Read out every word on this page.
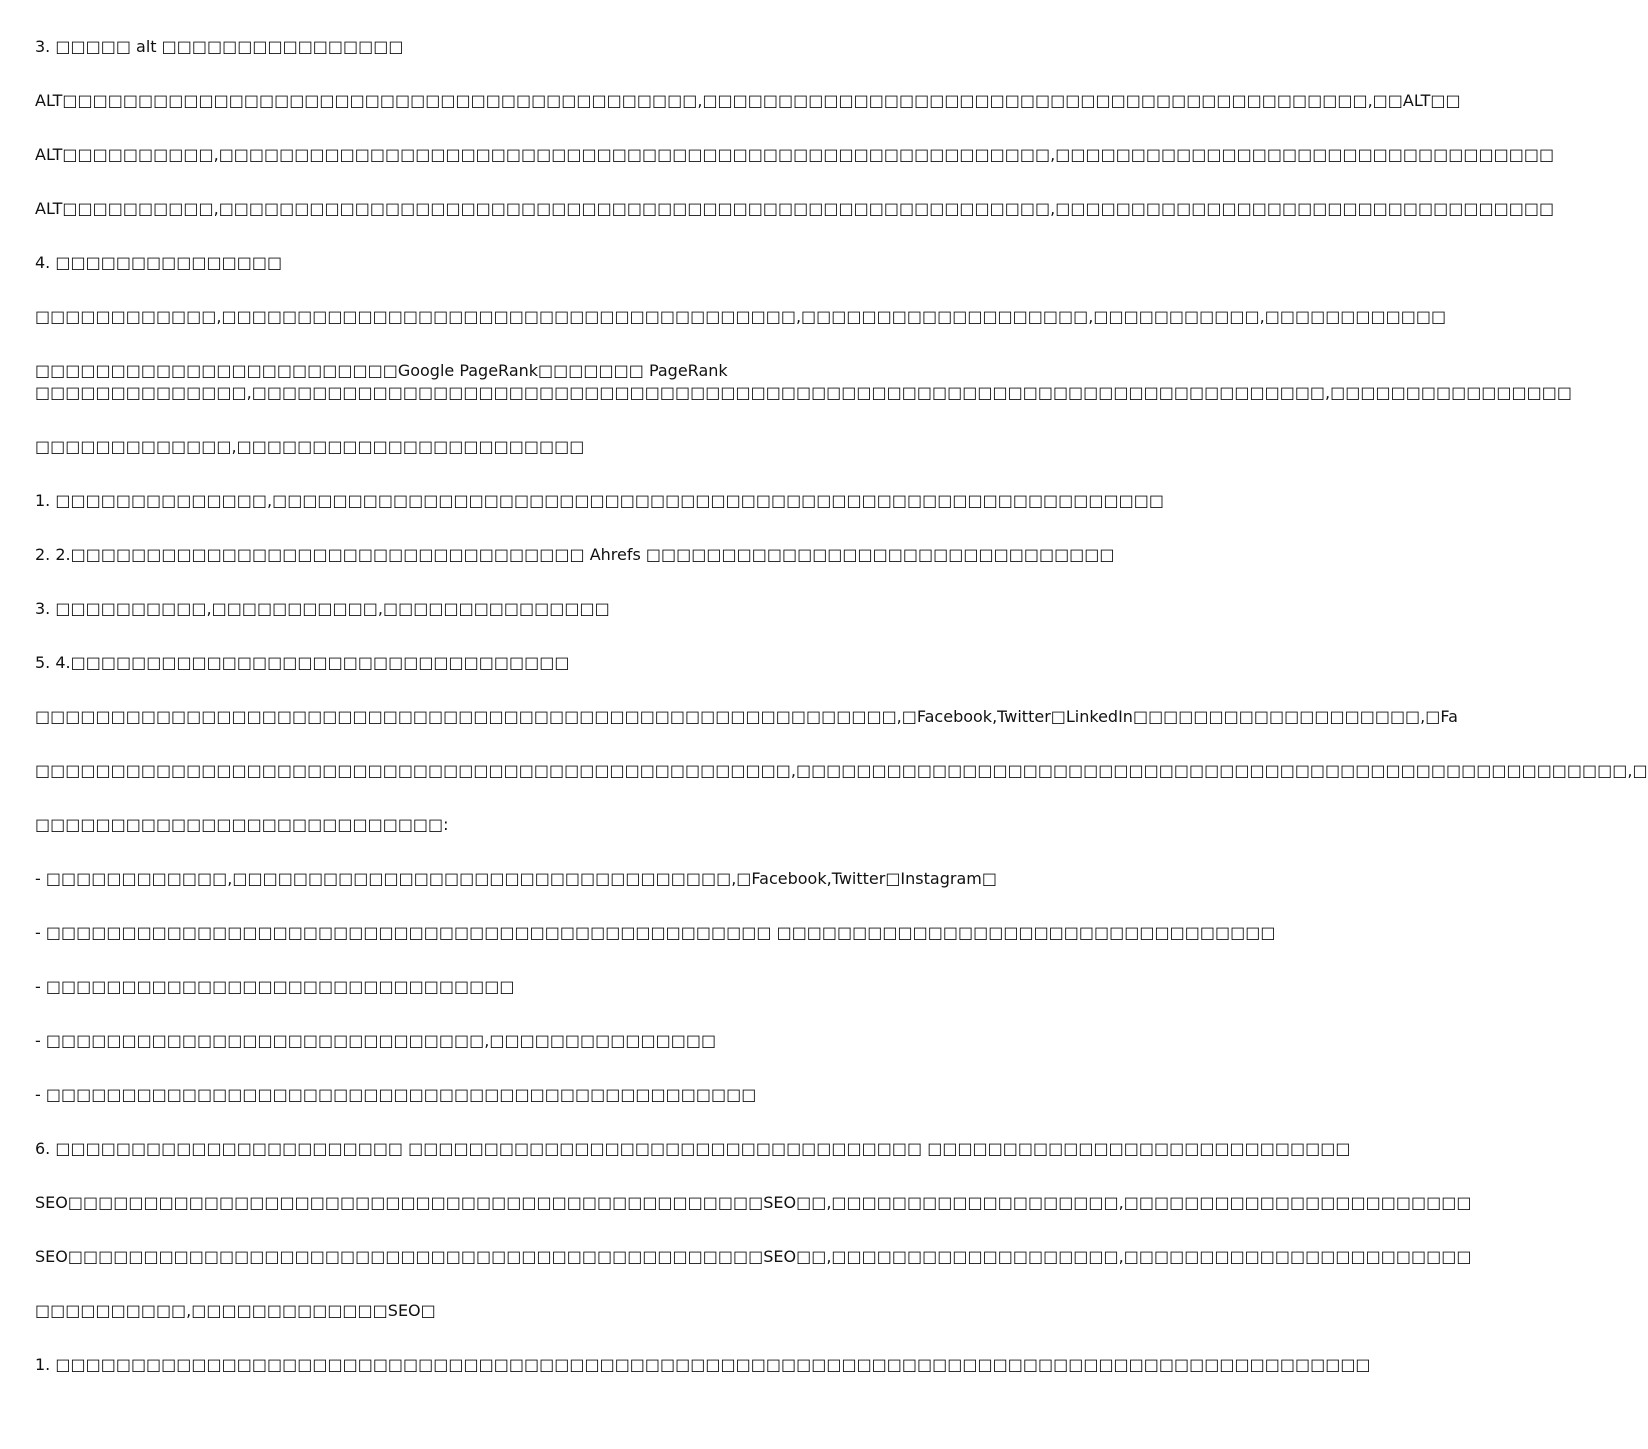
3. □□□□□ alt □□□□□□□□□□□□□□□□

ALT□□□□□□□□□□□□□□□□□□□□□□□□□□□□□□□□□□□□□□□□□□,□□□□□□□□□□□□□□□□□□□□□□□□□□□□□□□□□□□□□□□□□□□□,□□ALT□□

ALT□□□□□□□□□□,□□□□□□□□□□□□□□□□□□□□□□□□□□□□□□□□□□□□□□□□□□□□□□□□□□□□□□□,□□□□□□□□□□□□□□□□□□□□□□□□□□□□□□□□□

ALT□□□□□□□□□□,□□□□□□□□□□□□□□□□□□□□□□□□□□□□□□□□□□□□□□□□□□□□□□□□□□□□□□□,□□□□□□□□□□□□□□□□□□□□□□□□□□□□□□□□□

4. □□□□□□□□□□□□□□□

□□□□□□□□□□□□,□□□□□□□□□□□□□□□□□□□□□□□□□□□□□□□□□□□□□□,□□□□□□□□□□□□□□□□□□□,□□□□□□□□□□□,□□□□□□□□□□□□

□□□□□□□□□□□□□□□□□□□□□□□□Google PageRank□□□□□□□ PageRank
□□□□□□□□□□□□□□,□□□□□□□□□□□□□□□□□□□□□□□□□□□□□□□□□□□□□□□□□□□□□□□□□□□□□□□□□□□□□□□□□□□□□□□,□□□□□□□□□□□□□□□□

□□□□□□□□□□□□□,□□□□□□□□□□□□□□□□□□□□□□□

1. □□□□□□□□□□□□□□,□□□□□□□□□□□□□□□□□□□□□□□□□□□□□□□□□□□□□□□□□□□□□□□□□□□□□□□□□□□

2. 2.□□□□□□□□□□□□□□□□□□□□□□□□□□□□□□□□□□ Ahrefs □□□□□□□□□□□□□□□□□□□□□□□□□□□□□□□

3. □□□□□□□□□□,□□□□□□□□□□□,□□□□□□□□□□□□□□□

5. 4.□□□□□□□□□□□□□□□□□□□□□□□□□□□□□□□□□

□□□□□□□□□□□□□□□□□□□□□□□□□□□□□□□□□□□□□□□□□□□□□□□□□□□□□□□□□,□Facebook,Twitter□LinkedIn□□□□□□□□□□□□□□□□□□□,□Fa

□□□□□□□□□□□□□□□□□□□□□□□□□□□□□□□□□□□□□□□□□□□□□□□□□□,□□□□□□□□□□□□□□□□□□□□□□□□□□□□□□□□□□□□□□□□□□□□□□□□□□□□□□□,□

□□□□□□□□□□□□□□□□□□□□□□□□□□□:

- □□□□□□□□□□□□,□□□□□□□□□□□□□□□□□□□□□□□□□□□□□□□□□,□Facebook,Twitter□Instagram□

- □□□□□□□□□□□□□□□□□□□□□□□□□□□□□□□□□□□□□□□□□□□□□□□□ □□□□□□□□□□□□□□□□□□□□□□□□□□□□□□□□□

- □□□□□□□□□□□□□□□□□□□□□□□□□□□□□□□

- □□□□□□□□□□□□□□□□□□□□□□□□□□□□□,□□□□□□□□□□□□□□□

- □□□□□□□□□□□□□□□□□□□□□□□□□□□□□□□□□□□□□□□□□□□□□□□

6. □□□□□□□□□□□□□□□□□□□□□□□ □□□□□□□□□□□□□□□□□□□□□□□□□□□□□□□□□□ □□□□□□□□□□□□□□□□□□□□□□□□□□□□

SEO□□□□□□□□□□□□□□□□□□□□□□□□□□□□□□□□□□□□□□□□□□□□□□SEO□□,□□□□□□□□□□□□□□□□□□□,□□□□□□□□□□□□□□□□□□□□□□□

SEO□□□□□□□□□□□□□□□□□□□□□□□□□□□□□□□□□□□□□□□□□□□□□□SEO□□,□□□□□□□□□□□□□□□□□□□,□□□□□□□□□□□□□□□□□□□□□□□

□□□□□□□□□□,□□□□□□□□□□□□□SEO□

1. □□□□□□□□□□□□□□□□□□□□□□□□□□□□□□□□□□□□□□□□□□□□□□□□□□□□□□□□□□□□□□□□□□□□□□□□□□□□□□□□□□□□□□□
